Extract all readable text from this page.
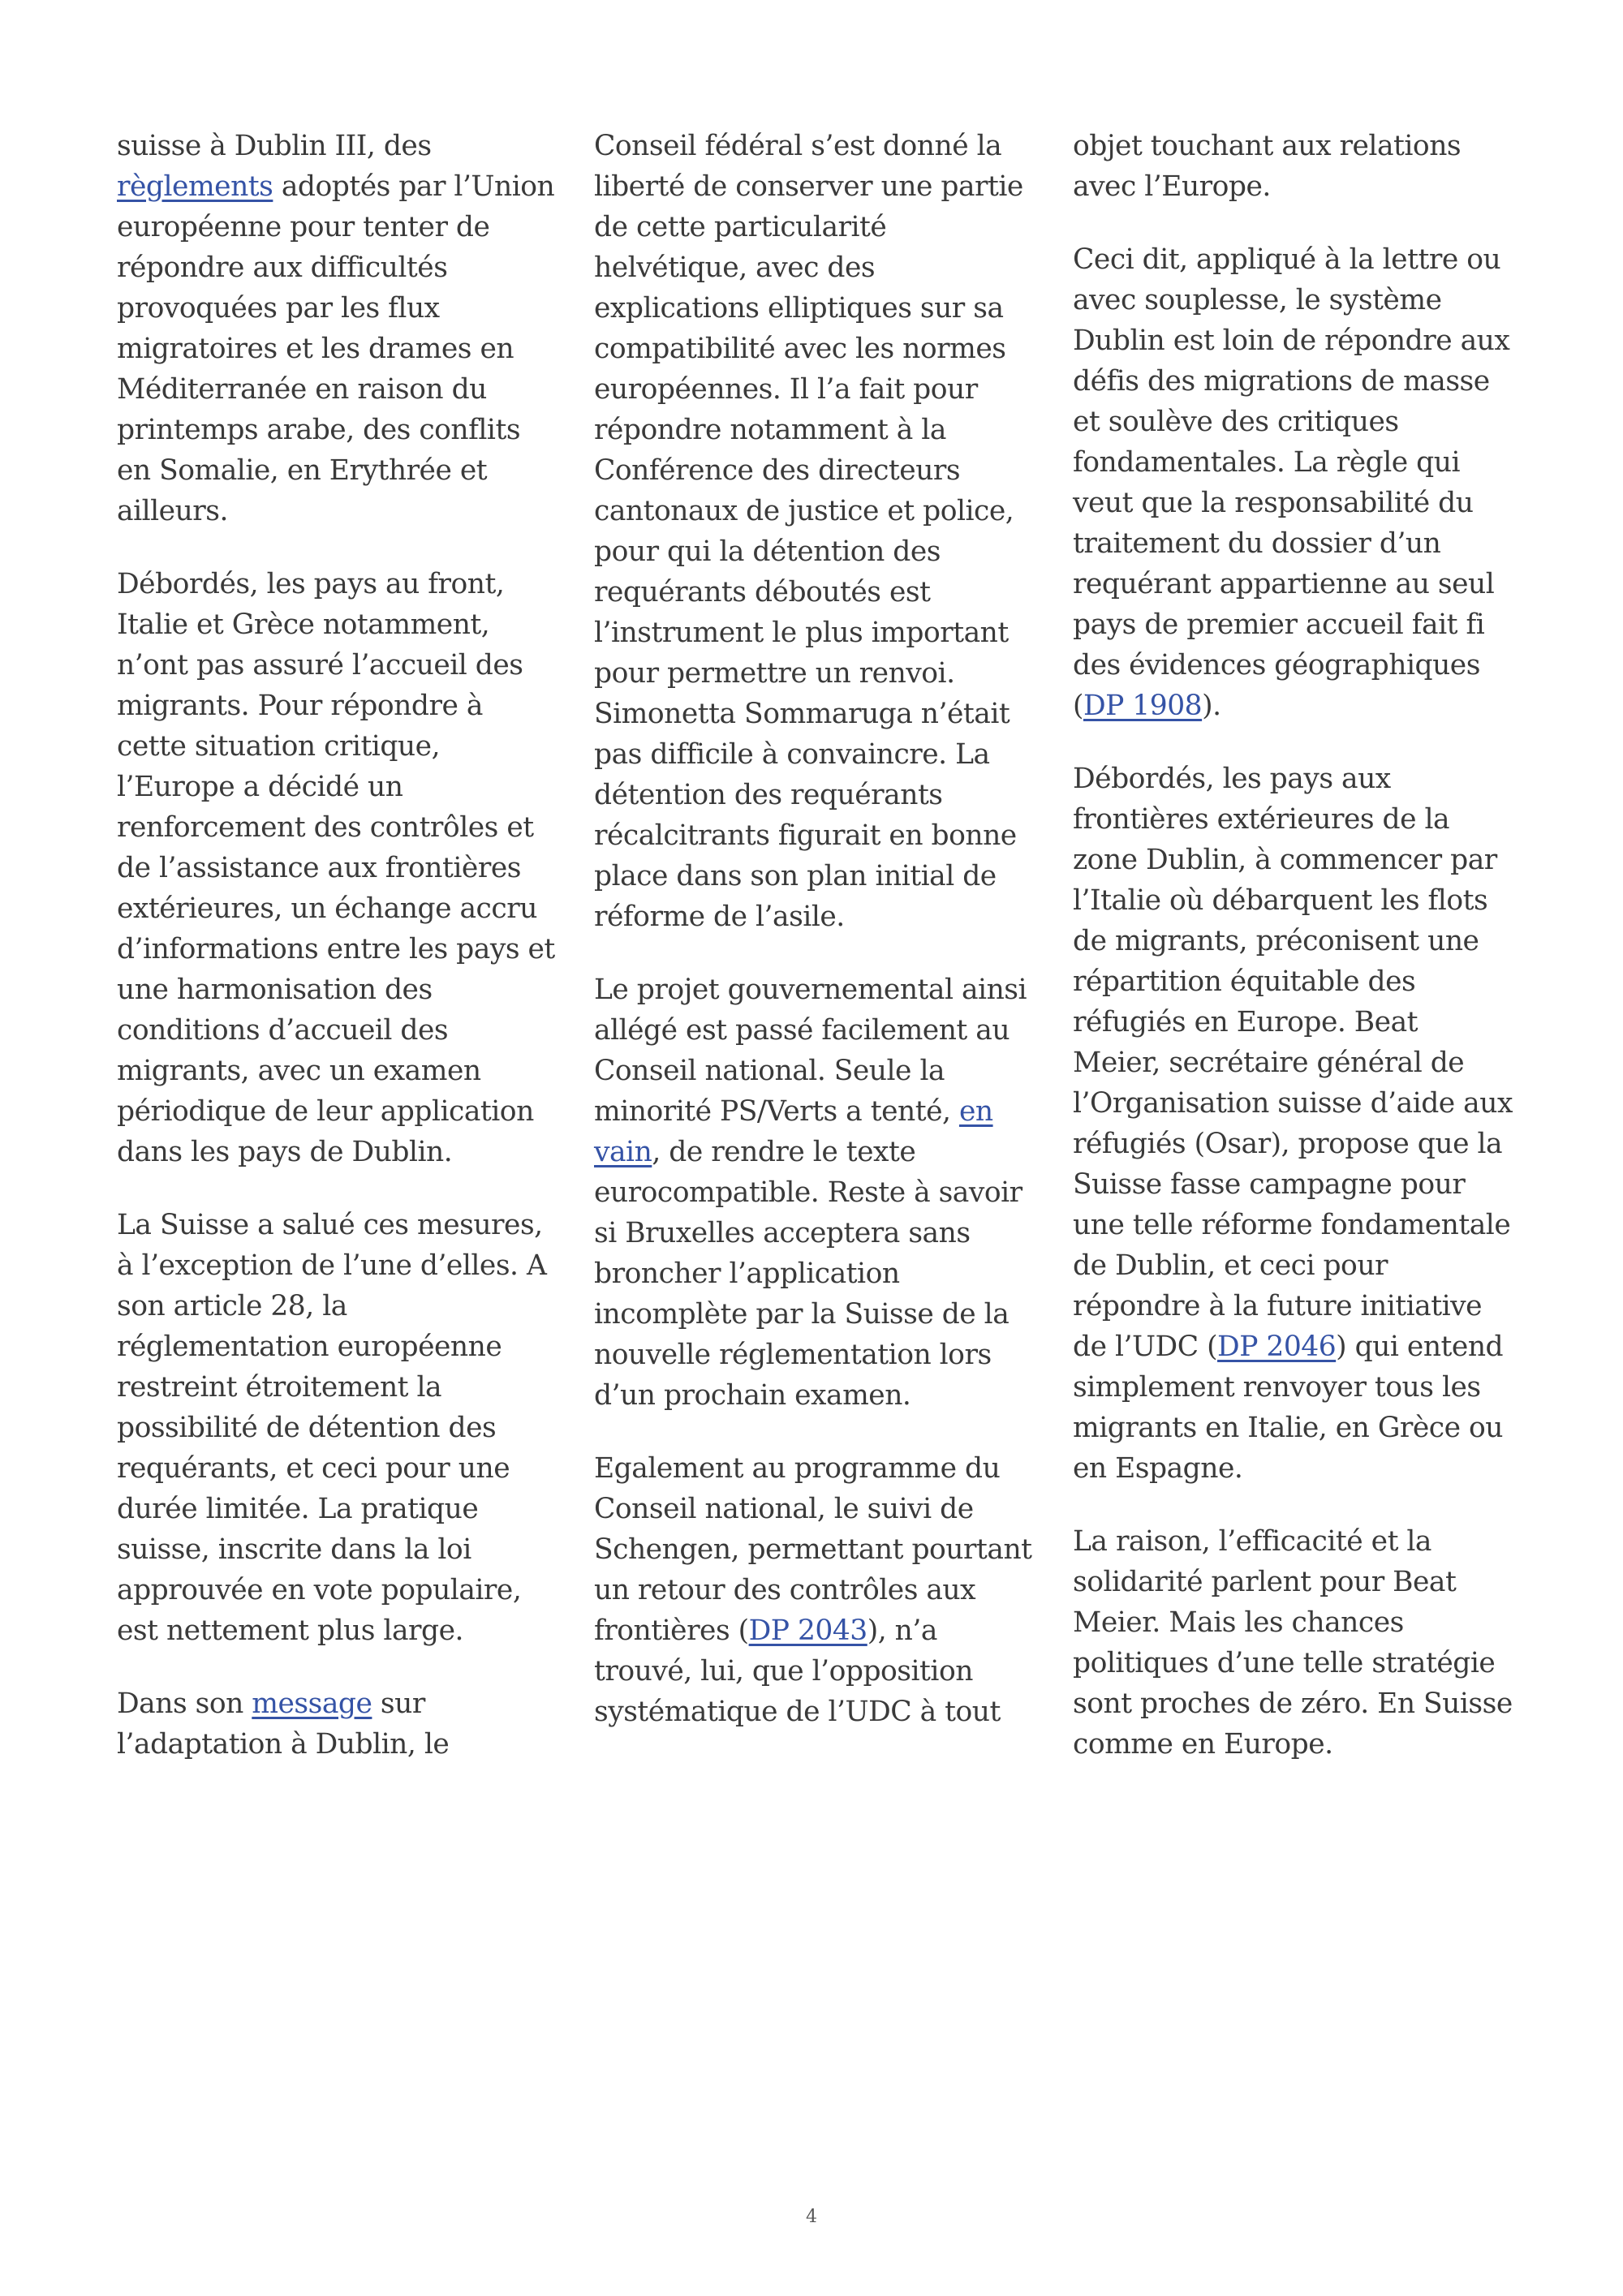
suisse à Dublin III, des
règlements adoptés par l’Union
européenne pour tenter de
répondre aux difficultés
provoquées par les flux
migratoires et les drames en
Méditerranée en raison du
printemps arabe, des conflits
en Somalie, en Erythrée et
ailleurs.

Débordés, les pays au front,
Italie et Grèce notamment,
n’ont pas assuré l’accueil des
migrants. Pour répondre à
cette situation critique,
l’Europe a décidé un
renforcement des contrôles et
de l’assistance aux frontières
extérieures, un échange accru
d’informations entre les pays et
une harmonisation des
conditions d’accueil des
migrants, avec un examen
périodique de leur application
dans les pays de Dublin.

La Suisse a salué ces mesures,
à l’exception de l’une d’elles. A
son article 28, la
réglementation européenne
restreint étroitement la
possibilité de détention des
requérants, et ceci pour une
durée limitée. La pratique
suisse, inscrite dans la loi
approuvée en vote populaire,
est nettement plus large.

Dans son message sur
l’adaptation à Dublin, le

Conseil fédéral s’est donné la
liberté de conserver une partie
de cette particularité
helvétique, avec des
explications elliptiques sur sa
compatibilité avec les normes
européennes. Il l’a fait pour
répondre notamment à la
Conférence des directeurs
cantonaux de justice et police,
pour qui la détention des
requérants déboutés est
l’instrument le plus important
pour permettre un renvoi.
Simonetta Sommaruga n’était
pas difficile à convaincre. La
détention des requérants
récalcitrants figurait en bonne
place dans son plan initial de
réforme de l’asile.

Le projet gouvernemental ainsi
allégé est passé facilement au
Conseil national. Seule la
minorité PS/Verts a tenté, en
vain, de rendre le texte
eurocompatible. Reste à savoir
si Bruxelles acceptera sans
broncher l’application
incomplète par la Suisse de la
nouvelle réglementation lors
d’un prochain examen.

Egalement au programme du
Conseil national, le suivi de
Schengen, permettant pourtant
un retour des contrôles aux
frontières (DP 2043), n’a
trouvé, lui, que l’opposition
systématique de l’UDC à tout

objet touchant aux relations
avec l’Europe.

Ceci dit, appliqué à la lettre ou
avec souplesse, le système
Dublin est loin de répondre aux
défis des migrations de masse
et soulève des critiques
fondamentales. La règle qui
veut que la responsabilité du
traitement du dossier d’un
requérant appartienne au seul
pays de premier accueil fait fi
des évidences géographiques
(DP 1908).

Débordés, les pays aux
frontières extérieures de la
zone Dublin, à commencer par
l’Italie où débarquent les flots
de migrants, préconisent une
répartition équitable des
réfugiés en Europe. Beat
Meier, secrétaire général de
l’Organisation suisse d’aide aux
réfugiés (Osar), propose que la
Suisse fasse campagne pour
une telle réforme fondamentale
de Dublin, et ceci pour
répondre à la future initiative
de l’UDC (DP 2046) qui entend
simplement renvoyer tous les
migrants en Italie, en Grèce ou
en Espagne.

La raison, l’efficacité et la
solidarité parlent pour Beat
Meier. Mais les chances
politiques d’une telle stratégie
sont proches de zéro. En Suisse
comme en Europe.

4
